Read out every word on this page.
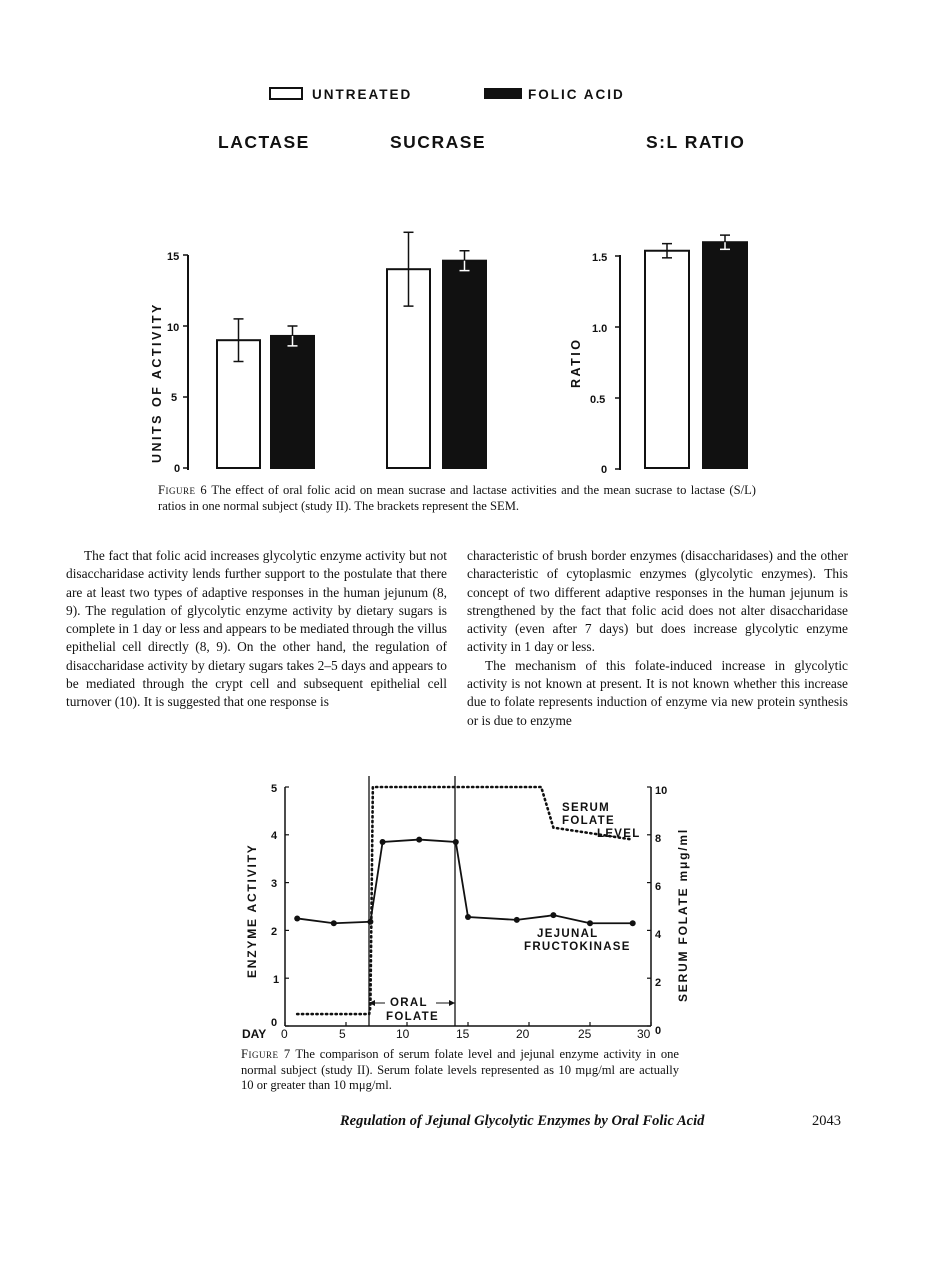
UNTREATED	FOLIC ACID
LACTASE	SUCRASE	S:L RATIO
15
10
5
0
UNITS OF ACTIVITY
1.5
1.0
0.5
0
RATIO
Figure 6 The effect of oral folic acid on mean sucrase and lactase activities and the mean sucrase to lactase (S/L) ratios in one normal subject (study II). The brackets represent the SEM.

The fact that folic acid increases glycolytic enzyme activity but not disaccharidase activity lends further support to the postulate that there are at least two types of adaptive responses in the human jejunum (8, 9). The regulation of glycolytic enzyme activity by dietary sugars is complete in 1 day or less and appears to be mediated through the villus epithelial cell directly (8, 9). On the other hand, the regulation of disaccharidase activity by dietary sugars takes 2–5 days and appears to be mediated through the crypt cell and subsequent epithelial cell turnover (10). It is suggested that one response is

characteristic of brush border enzymes (disaccharidases) and the other characteristic of cytoplasmic enzymes (glycolytic enzymes). This concept of two different adaptive responses in the human jejunum is strengthened by the fact that folic acid does not alter disaccharidase activity (even after 7 days) but does increase glycolytic enzyme activity in 1 day or less.

The mechanism of this folate-induced increase in glycolytic activity is not known at present. It is not known whether this increase due to folate represents induction of enzyme via new protein synthesis or is due to enzyme

5
4
3
2
1
0
10
8
6
4
2
0
DAY 0	5	10	15	20	25	30
ENZYME ACTIVITY	SERUM FOLATE mμg/ml
SERUM
FOLATE
LEVEL
JEJUNAL
FRUCTOKINASE
ORAL
FOLATE
Figure 7 The comparison of serum folate level and jejunal enzyme activity in one normal subject (study II). Serum folate levels represented as 10 mμg/ml are actually 10 or greater than 10 mμg/ml.
Regulation of Jejunal Glycolytic Enzymes by Oral Folic Acid	2043
